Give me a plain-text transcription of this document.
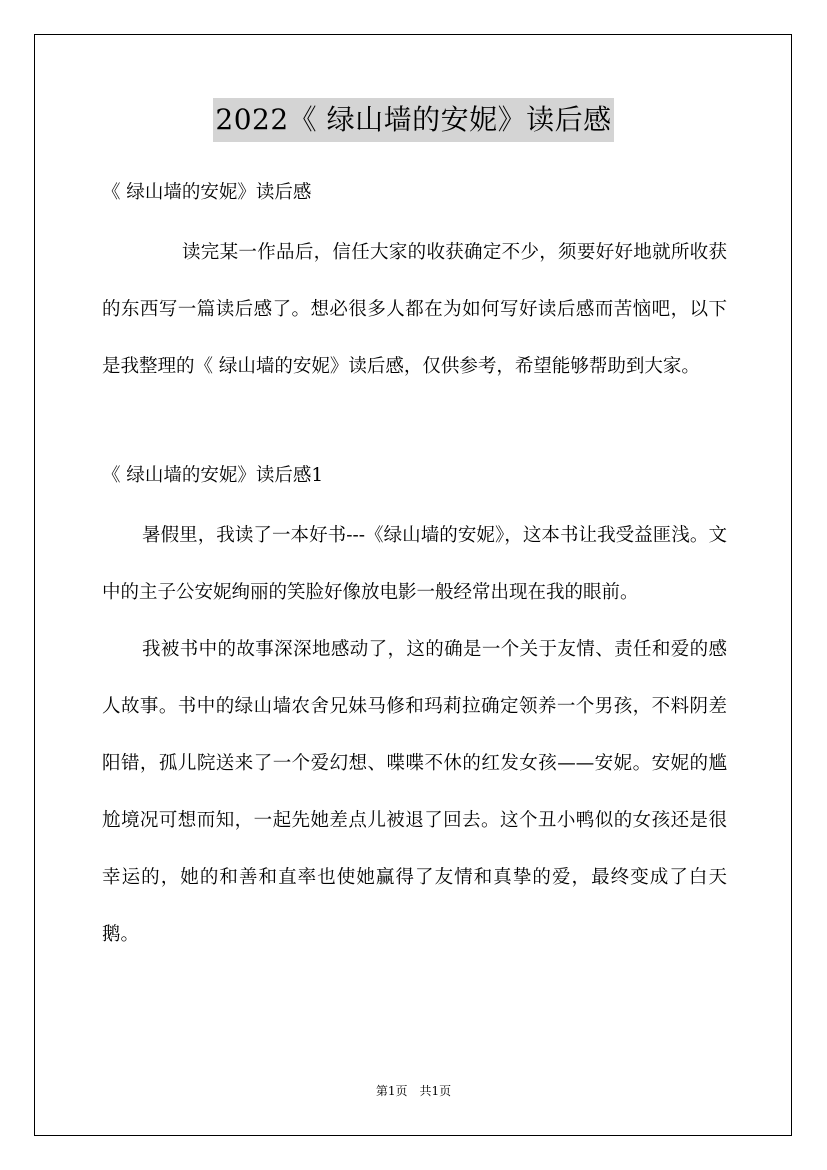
2022《 绿山墙的安妮》读后感

《 绿山墙的安妮》读后感

读完某一作品后，信任大家的收获确定不少，须要好好地就所收获的东西写一篇读后感了。想必很多人都在为如何写好读后感而苦恼吧，以下是我整理的《 绿山墙的安妮》读后感，仅供参考，希望能够帮助到大家。

《 绿山墙的安妮》读后感1

暑假里，我读了一本好书---《绿山墙的安妮》，这本书让我受益匪浅。文中的主子公安妮绚丽的笑脸好像放电影一般经常出现在我的眼前。

我被书中的故事深深地感动了，这的确是一个关于友情、责任和爱的感人故事。书中的绿山墙农舍兄妹马修和玛莉拉确定领养一个男孩，不料阴差阳错，孤儿院送来了一个爱幻想、喋喋不休的红发女孩——安妮。安妮的尴尬境况可想而知，一起先她差点儿被退了回去。这个丑小鸭似的女孩还是很幸运的，她的和善和直率也使她赢得了友情和真挚的爱，最终变成了白天鹅。

第1页　共1页
